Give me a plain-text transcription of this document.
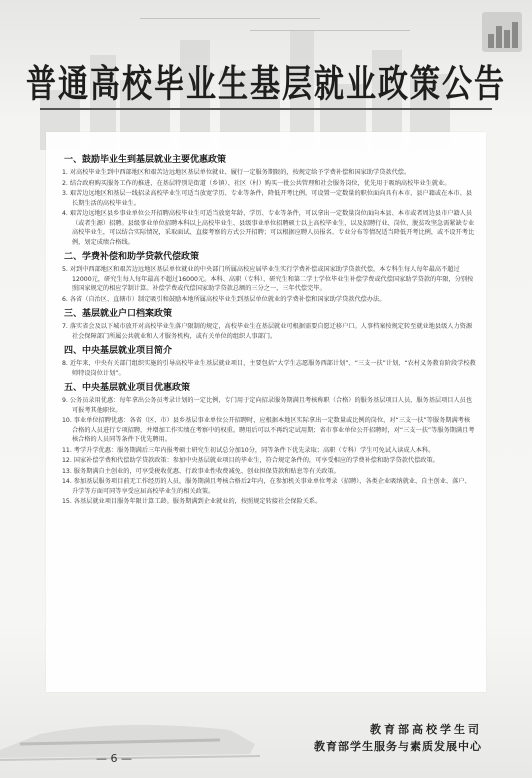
普通高校毕业生基层就业政策公告
一、鼓励毕业生到基层就业主要优惠政策

1. 对高校毕业生到中西部地区和艰苦边远地区基层单位就业、履行一定服务期限的，按规定给予学费补偿和国家助学贷款代偿。

2. 结合政府购买服务工作的推进，在基层特别是街道（乡镇）、社区（村）购买一批公共管理和社会服务岗位，优先用于吸纳高校毕业生就业。

3. 艰苦边远地区和基层一线招录高校毕业生可适当放宽学历、专业等条件，降低开考比例，可设置一定数量的职位面向具有本市、县户籍或在本市、县长期生活的高校毕业生。

4. 艰苦边远地区县乡事业单位公开招聘高校毕业生可适当放宽年龄、学历、专业等条件，可以拿出一定数量岗位面向本县、本市或者周边县市户籍人员（或者生源）招聘。县级事业单位招聘本科以上高校毕业生、县级事业单位招聘硕士以上高校毕业生，以及招聘行业、岗位、脱贫攻坚急需紧缺专业高校毕业生，可以结合实际情况，采取面试、直接考察的方式公开招聘；可以根据应聘人员报名、专业分布等情况适当降低开考比例，或不设开考比例，划定成绩合格线。

二、学费补偿和助学贷款代偿政策

5. 对到中西部地区和艰苦边远地区基层单位就业的中央部门所属高校应届毕业生实行学费补偿或国家助学贷款代偿，本专科生每人每年最高不超过12000元，研究生每人每年最高不超过16000元。本科、高职（专科）、研究生和第二学士学位毕业生补偿学费或代偿国家助学贷款的年限，分别按照国家规定的相应学制计算。补偿学费或代偿国家助学贷款总额的三分之一，三年代偿完毕。

6. 各省（自治区、直辖市）制定吸引和鼓励本地所属高校毕业生到基层单位就业的学费补偿和国家助学贷款代偿办法。

三、基层就业户口档案政策

7. 落实省会及以下城市放开对高校毕业生落户限制的规定，高校毕业生在基层就业可根据需要自愿迁移户口。人事档案按规定转至就业地县级人力资源社会保障部门所属公共就业和人才服务机构，或有关单位的组织人事部门。

四、中央基层就业项目简介

8. 近年来，中央有关部门组织实施的引导高校毕业生基层就业项目，主要包括“大学生志愿服务西部计划”、“三支一扶”计划、“农村义务教育阶段学校教师特设岗位计划”。

五、中央基层就业项目优惠政策

9. 公务员录用优惠：每年拿出公务员考录计划的一定比例，专门用于定向招录服务期满且考核称职（合格）的服务基层项目人员，服务基层项目人员也可报考其他职位。

10. 事业单位招聘优惠：各省（区、市）县乡基层事业单位公开招聘时，应根据本地区实际拿出一定数量或比例的岗位，对“三支一扶”等服务期满考核合格的人员进行专项招聘，并增加工作实绩在考察中的权重。聘用后可以不再约定试用期；省市事业单位公开招聘时，对“三支一扶”等服务期满且考核合格的人员同等条件下优先聘用。

11. 考学升学优惠：服务期满后三年内报考硕士研究生初试总分加10分，同等条件下优先录取；高职（专科）学生可免试入读成人本科。

12. 国家补偿学费和代偿助学贷款政策：参加中央基层就业项目的毕业生，符合规定条件的，可享受相应的学费补偿和助学贷款代偿政策。

13. 服务期满自主创业的，可享受税收优惠、行政事业性收费减免、创业担保贷款和贴息等有关政策。

14. 参加基层服务项目前无工作经历的人员，服务期满且考核合格后2年内，在参加机关事业单位考录（招聘）、各类企业吸纳就业、自主创业、落户、升学等方面可同等享受应届高校毕业生的相关政策。

15. 各基层就业项目服务年限计算工龄。服务期满到企业就业的，按照规定转接社会保险关系。

教育部高校学生司
教育部学生服务与素质发展中心
— 6 —
